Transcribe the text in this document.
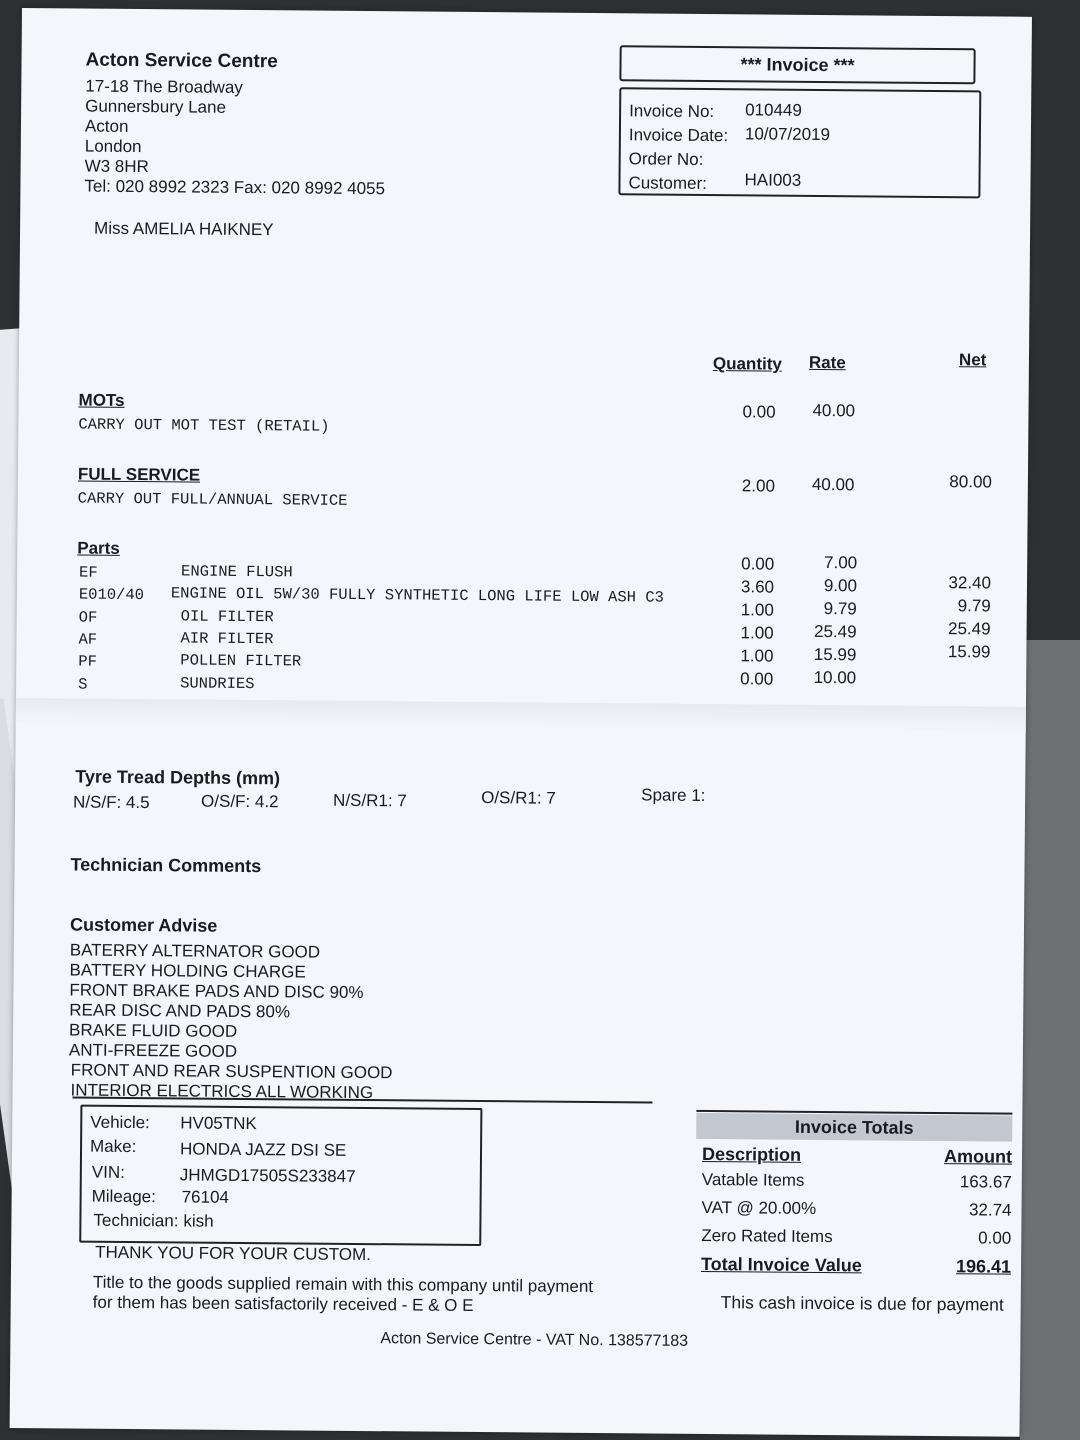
Acton Service Centre
17-18 The Broadway
Gunnersbury Lane
Acton
London
W3 8HR
Tel: 020 8992 2323 Fax: 020 8992 4055
*** Invoice ***
Invoice No: 010449
Invoice Date: 10/07/2019
Order No:
Customer: HAI003
Miss AMELIA HAIKNEY
Quantity Rate	Net
MOTs
CARRY OUT MOT TEST (RETAIL)
0.00 40.00
FULL SERVICE
CARRY OUT FULL/ANNUAL SERVICE
2.00 40.00	80.00
Parts
EF	ENGINE FLUSH	0.00	7.00
E010/40 ENGINE OIL 5W/30 FULLY SYNTHETIC LONG LIFE LOW ASH C3	3.60	9.00	32.40
OF	OIL FILTER	1.00	9.79	9.79
AF	AIR FILTER	1.00	25.49	25.49
PF	POLLEN FILTER	1.00	15.99	15.99
S	SUNDRIES	0.00	10.00
Tyre Tread Depths (mm)
N/S/F: 4.5	O/S/F: 4.2	N/S/R1: 7	O/S/R1: 7	Spare 1:
Technician Comments
Customer Advise
BATERRY ALTERNATOR GOOD
BATTERY HOLDING CHARGE
FRONT BRAKE PADS AND DISC 90%
REAR DISC AND PADS 80%
BRAKE FLUID GOOD
ANTI-FREEZE GOOD
FRONT AND REAR SUSPENTION GOOD
INTERIOR ELECTRICS ALL WORKING
Vehicle: HV05TNK
Make:	HONDA JAZZ DSI SE
VIN:	JHMGD17505S233847
Mileage: 76104
Technician: kish
THANK YOU FOR YOUR CUSTOM.
Title to the goods supplied remain with this company until payment
for them has been satisfactorily received - E & O E
Acton Service Centre - VAT No. 138577183
Invoice Totals
Description	Amount
Vatable Items	163.67
VAT @ 20.00%	32.74
Zero Rated Items	0.00
Total Invoice Value	196.41
This cash invoice is due for payment
